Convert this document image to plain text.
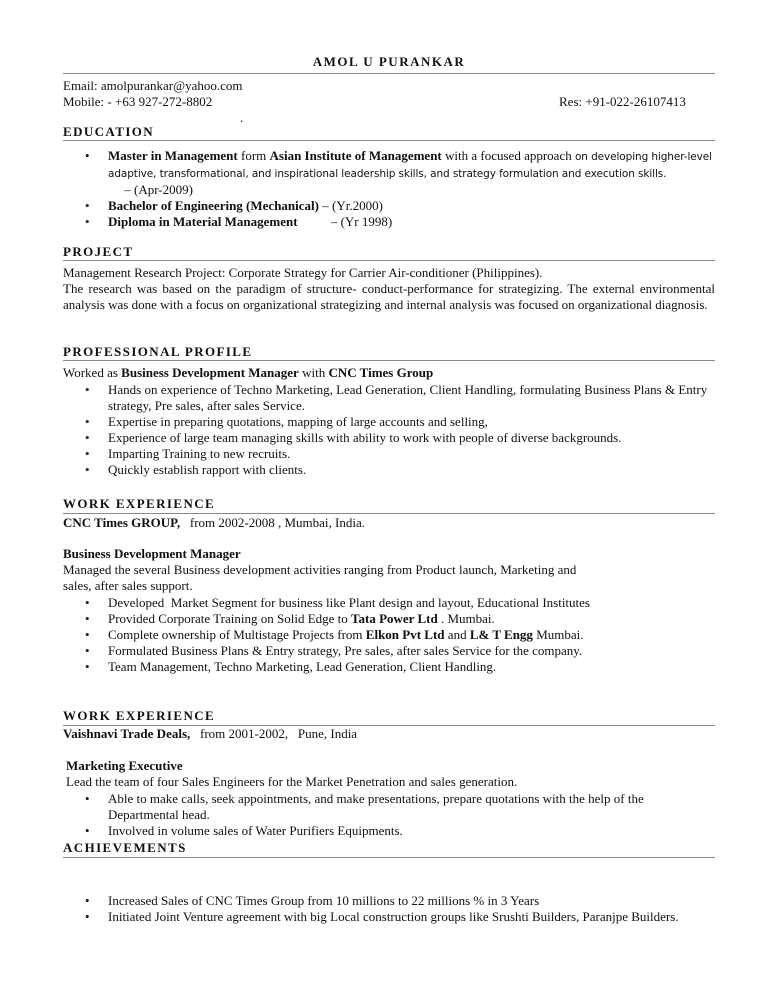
AMOL U PURANKAR
Email: amolpurankar@yahoo.com
Mobile: - +63 927-272-8802	Res: +91-022-26107413
.
EDUCATION
• Master in Management form Asian Institute of Management with a focused approach on developing higher-level adaptive, transformational, and inspirational leadership skills, and strategy formulation and execution skills.     – (Apr-2009)
• Bachelor of Engineering (Mechanical) – (Yr.2000)
• Diploma in Material Management – (Yr 1998)
PROJECT
Management Research Project: Corporate Strategy for Carrier Air-conditioner (Philippines).
The research was based on the paradigm of structure- conduct-performance for strategizing. The external environmental analysis was done with a focus on organizational strategizing and internal analysis was focused on organizational diagnosis.
PROFESSIONAL PROFILE
Worked as Business Development Manager with CNC Times Group
• Hands on experience of Techno Marketing, Lead Generation, Client Handling, formulating Business Plans & Entry strategy, Pre sales, after sales Service.
• Expertise in preparing quotations, mapping of large accounts and selling,
• Experience of large team managing skills with ability to work with people of diverse backgrounds.
• Imparting Training to new recruits.
• Quickly establish rapport with clients.
WORK EXPERIENCE
CNC Times GROUP,   from 2002-2008 , Mumbai, India.
Business Development Manager
Managed the several Business development activities ranging from Product launch, Marketing and
sales, after sales support.
• Developed  Market Segment for business like Plant design and layout, Educational Institutes
• Provided Corporate Training on Solid Edge to Tata Power Ltd . Mumbai.
• Complete ownership of Multistage Projects from Elkon Pvt Ltd and L& T Engg Mumbai.
• Formulated Business Plans & Entry strategy, Pre sales, after sales Service for the company.
• Team Management, Techno Marketing, Lead Generation, Client Handling.
WORK EXPERIENCE
Vaishnavi Trade Deals,   from 2001-2002,   Pune, India
Marketing Executive
Lead the team of four Sales Engineers for the Market Penetration and sales generation.
• Able to make calls, seek appointments, and make presentations, prepare quotations with the help of the Departmental head.
• Involved in volume sales of Water Purifiers Equipments.
ACHIEVEMENTS
• Increased Sales of CNC Times Group from 10 millions to 22 millions % in 3 Years
• Initiated Joint Venture agreement with big Local construction groups like Srushti Builders, Paranjpe Builders.
